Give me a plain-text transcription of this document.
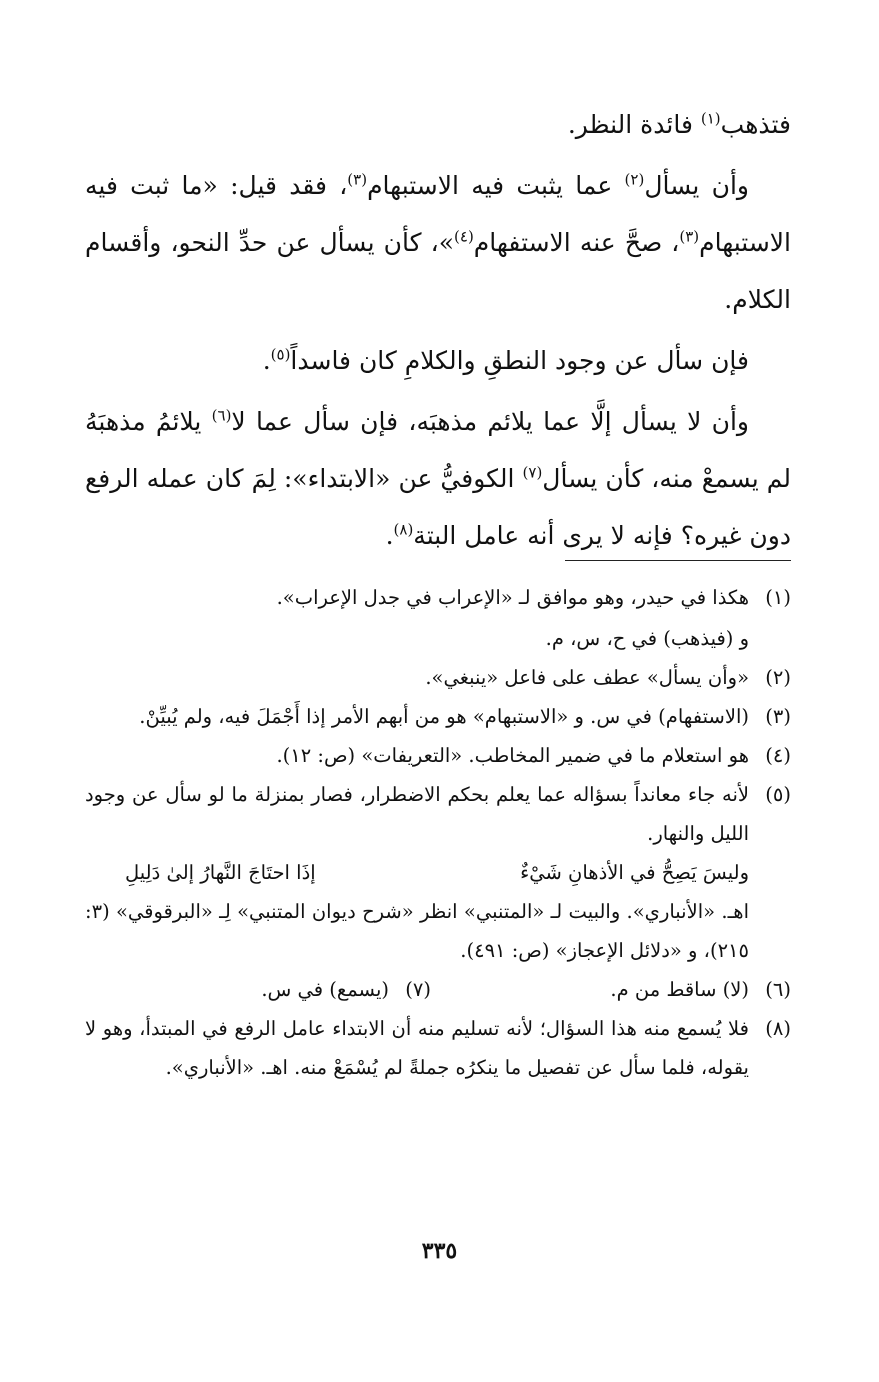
فتذهب$^{(١)}$ فائدة النظر.

وأن يسأل$^{(٢)}$ عما يثبت فيه الاستبهام$^{(٣)}$، فقد قيل: «ما ثبت فيه الاستبهام$^{(٣)}$، صحَّ عنه الاستفهام$^{(٤)}$»، كأن يسأل عن حدِّ النحو، وأقسام الكلام.

فإن سأل عن وجود النطقِ والكلامِ كان فاسداً$^{(٥)}$.

وأن لا يسأل إلَّا عما يلائم مذهبَه، فإن سأل عما لا$^{(٦)}$ يلائمُ مذهبَهُ لم يسمعْ منه، كأن يسأل$^{(٧)}$ الكوفيُّ عن «الابتداء»: لِمَ كان عمله الرفع دون غيره؟ فإنه لا يرى أنه عامل البتة$^{(٨)}$.

(١)
هكذا في حيدر، وهو موافق لـ «الإعراب في جدل الإعراب».
و (فيذهب) في ح، س، م.
(٢)
«وأن يسأل» عطف على فاعل «ينبغي».
(٣)
(الاستفهام) في س. و «الاستبهام» هو من أبهم الأمر إذا أَجْمَلَ فيه، ولم يُبيِّنْ.
(٤)
هو استعلام ما في ضمير المخاطب. «التعريفات» (ص: ١٢).
(٥)
لأنه جاء معانداً بسؤاله عما يعلم بحكم الاضطرار، فصار بمنزلة ما لو سأل عن وجود الليل والنهار.
وليسَ يَصِحُّ في الأذهانِ شَيْءٌ
إذَا احتَاجَ النَّهارُ إلىٰ دَلِيلِ
اهـ. «الأنباري». والبيت لـ «المتنبي» انظر «شرح ديوان المتنبي» لِـ «البرقوقي» (٣: ٢١٥)، و «دلائل الإعجاز» (ص: ٤٩١).
(٦)
(لا) ساقط من م.
(٧)
(يسمع) في س.
(٨)
فلا يُسمع منه هذا السؤال؛ لأنه تسليم منه أن الابتداء عامل الرفع في المبتدأ، وهو لا يقوله، فلما سأل عن تفصيل ما ينكرُه جملةً لم يُسْمَعْ منه. اهـ. «الأنباري».
٣٣٥
